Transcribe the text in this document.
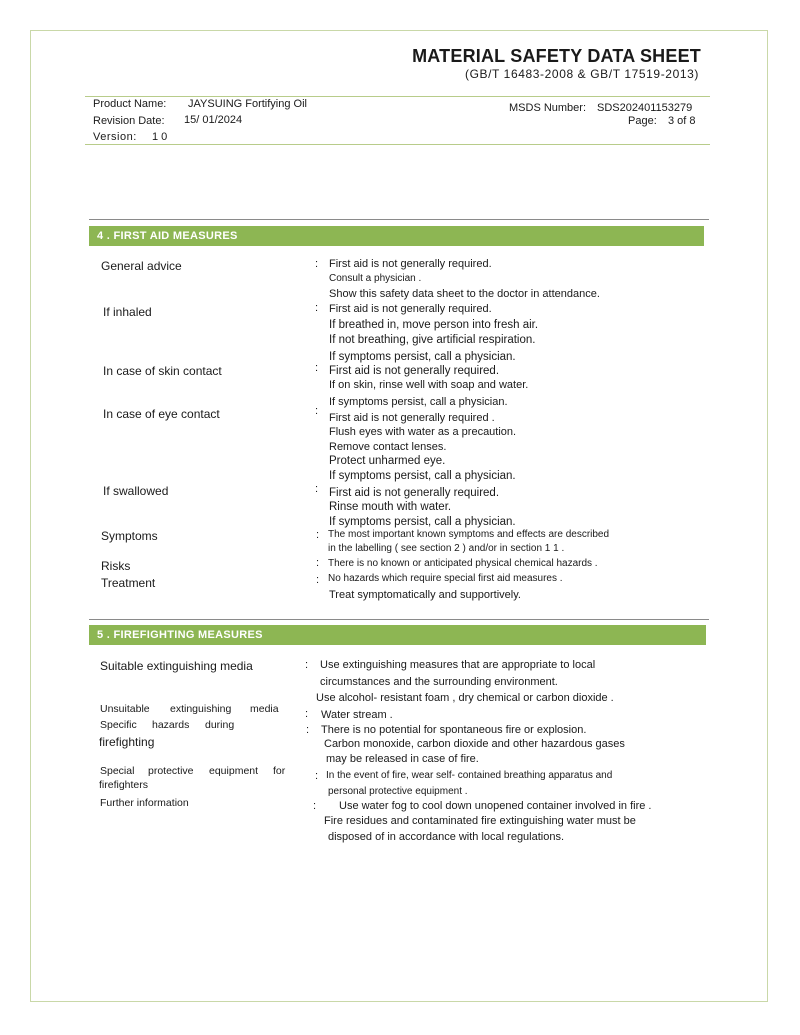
MATERIAL SAFETY DATA SHEET
(GB/T 16483-2008 & GB/T 17519-2013)
Product Name: JAYSUING Fortifying Oil
Revision Date: 15/ 01/2024
Version: 1 0
MSDS Number: SDS202401153279
Page: 3 of 8
4 . FIRST AID MEASURES
General advice	: First aid is not generally required.
Consult a physician .
Show this safety data sheet to the doctor in attendance.
If inhaled	: First aid is not generally required.
If breathed in, move person into fresh air.
If not breathing, give artificial respiration.
If symptoms persist, call a physician.
In case of skin contact	: First aid is not generally required.
If on skin, rinse well with soap and water.
If symptoms persist, call a physician.
In case of eye contact	:
First aid is not generally required .
Flush eyes with water as a precaution.
Remove contact lenses.
Protect unharmed eye.
If symptoms persist, call a physician.
If swallowed	: First aid is not generally required.
Rinse mouth with water.
If symptoms persist, call a physician.
Symptoms	: The most important known symptoms and effects are described
in the labelling ( see section 2 ) and/or in section 1 1 .
Risks	: There is no known or anticipated physical chemical hazards .
Treatment	: No hazards which require special first aid measures .
Treat symptomatically and supportively.
5 . FIREFIGHTING MEASURES
Suitable extinguishing media	: Use extinguishing measures that are appropriate to local
circumstances and the surrounding environment.
Use alcohol- resistant foam , dry chemical or carbon dioxide .
Unsuitable extinguishing media : Water stream .
Specific hazards during
firefighting
: There is no potential for spontaneous fire or explosion.
Carbon monoxide, carbon dioxide and other hazardous gases
may be released in case of fire.
Special protective equipment for
firefighters
: In the event of fire, wear self- contained breathing apparatus and
personal protective equipment .
Further information	: Use water fog to cool down unopened container involved in fire .
Fire residues and contaminated fire extinguishing water must be
disposed of in accordance with local regulations.
